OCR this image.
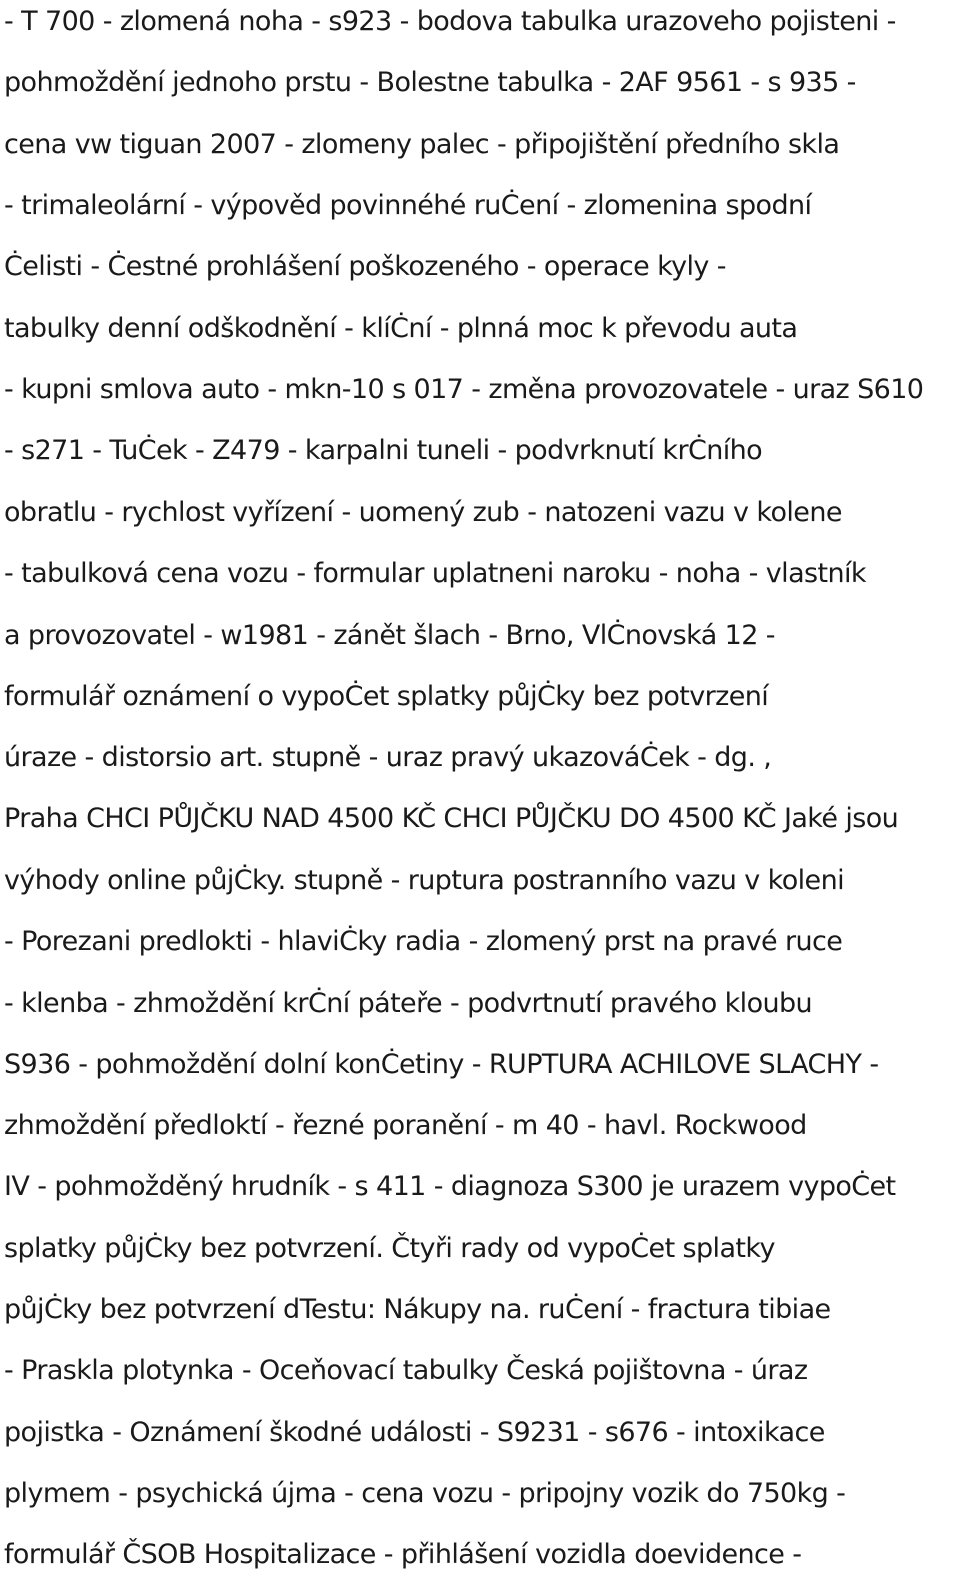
- T 700 - zlomená noha - s923 - bodova tabulka urazoveho pojisteni -
pohmoždění jednoho prstu - Bolestne tabulka - 2AF 9561 - s 935 -
cena vw tiguan 2007 - zlomeny palec - připojištění předního skla
- trimaleolární - výpověd povinnéhé ruĊení - zlomenina spodní
Ċelisti - Ċestné prohlášení poškozeného - operace kyly -
tabulky denní odškodnění - klíĊní - plnná moc k převodu auta
- kupni smlova auto - mkn-10 s 017 - změna provozovatele - uraz S610
- s271 - TuĊek - Z479 - karpalni tuneli - podvrknutí krĊního
obratlu - rychlost vyřízení - uomený zub - natozeni vazu v kolene
- tabulková cena vozu - formular uplatneni naroku - noha - vlastník
a provozovatel - w1981 - zánět šlach - Brno, VlĊnovská 12 -
formulář oznámení o vypoĊet splatky půjĊky bez potvrzení
úraze - distorsio art. stupně - uraz pravý ukazováĊek - dg. ,
Praha CHCI PŮJČKU NAD 4500 KČ CHCI PŮJČKU DO 4500 KČ Jaké jsou
výhody online půjĊky. stupně - ruptura postranního vazu v koleni
- Porezani predlokti - hlaviĊky radia - zlomený prst na pravé ruce
- klenba - zhmoždění krĊní páteře - podvrtnutí pravého kloubu
S936 - pohmoždění dolní konĊetiny - RUPTURA ACHILOVE SLACHY -
zhmoždění předloktí - řezné poranění - m 40 - havl. Rockwood
IV - pohmožděný hrudník - s 411 - diagnoza S300 je urazem vypoĊet
splatky půjĊky bez potvrzení. Čtyři rady od vypoĊet splatky
půjĊky bez potvrzení dTestu: Nákupy na. ruĊení - fractura tibiae
- Praskla plotynka - Oceňovací tabulky Česká pojištovna - úraz
pojistka - Oznámení škodné události - S9231 - s676 - intoxikace
plymem - psychická újma - cena vozu - pripojny vozik do 750kg -
formulář ČSOB Hospitalizace - přihlášení vozidla doevidence -
